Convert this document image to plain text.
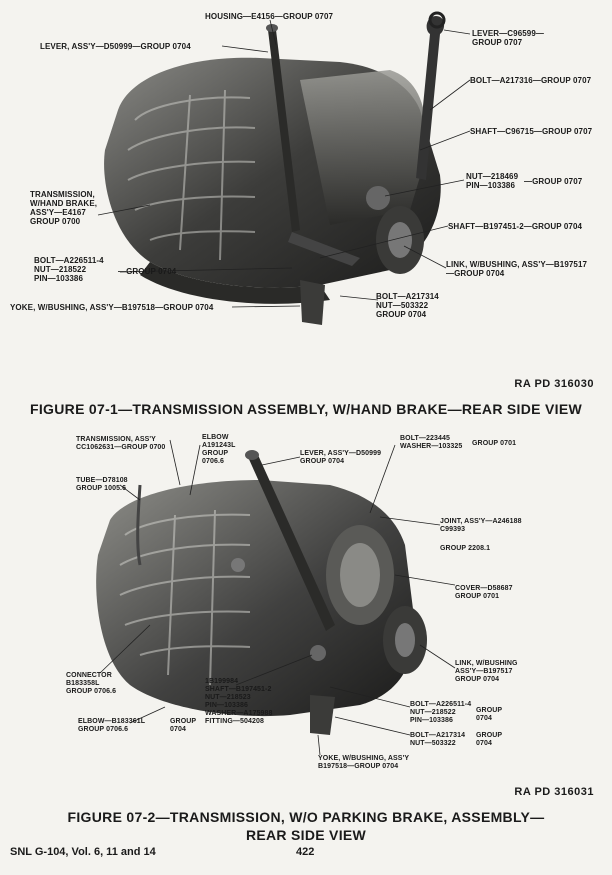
HOUSING—E4156—GROUP 0707
LEVER—C96599—
GROUP 0707
LEVER, ASS'Y—D50999—GROUP 0704
BOLT—A217316—GROUP 0707
SHAFT—C96715—GROUP 0707
TRANSMISSION,
W/HAND BRAKE,
ASS'Y—E4167
GROUP 0700
NUT—218469
PIN—103386	—GROUP 0707
SHAFT—B197451-2—GROUP 0704
BOLT—A226511-4
NUT—218522
PIN—103386
—GROUP 0704
LINK, W/BUSHING, ASS'Y—B197517
—GROUP 0704
BOLT—A217314
NUT—503322
GROUP 0704
YOKE, W/BUSHING, ASS'Y—B197518—GROUP 0704
RA PD 316030
FIGURE 07-1—TRANSMISSION ASSEMBLY, W/HAND BRAKE—REAR SIDE VIEW
TRANSMISSION, ASS'Y
CC1062631—GROUP 0700
ELBOW
A191243L
GROUP
0706.6
LEVER, ASS'Y—D50999
GROUP 0704
BOLT—223445
WASHER—103325 GROUP 0701
TUBE—D78108
GROUP 1005.6
JOINT, ASS'Y—A246188
C99393
GROUP 2208.1
COVER—D58687
GROUP 0701
LINK, W/BUSHING
ASS'Y—B197517
GROUP 0704
CONNECTOR
B183358L
GROUP 0706.6
1B199984
SHAFT—B197451-2
NUT—218523
PIN—103386
WASHER—A175988
FITTING—504208
GROUP
0704
ELBOW—B183361L
GROUP 0706.6
BOLT—A226511-4
NUT—218522
PIN—103386
GROUP
0704
BOLT—A217314
NUT—503322
GROUP
0704
YOKE, W/BUSHING, ASS'Y
B197518—GROUP 0704
RA PD 316031
FIGURE 07-2—TRANSMISSION, W/O PARKING BRAKE, ASSEMBLY—
REAR SIDE VIEW
SNL G-104, Vol. 6, 11 and 14	422
